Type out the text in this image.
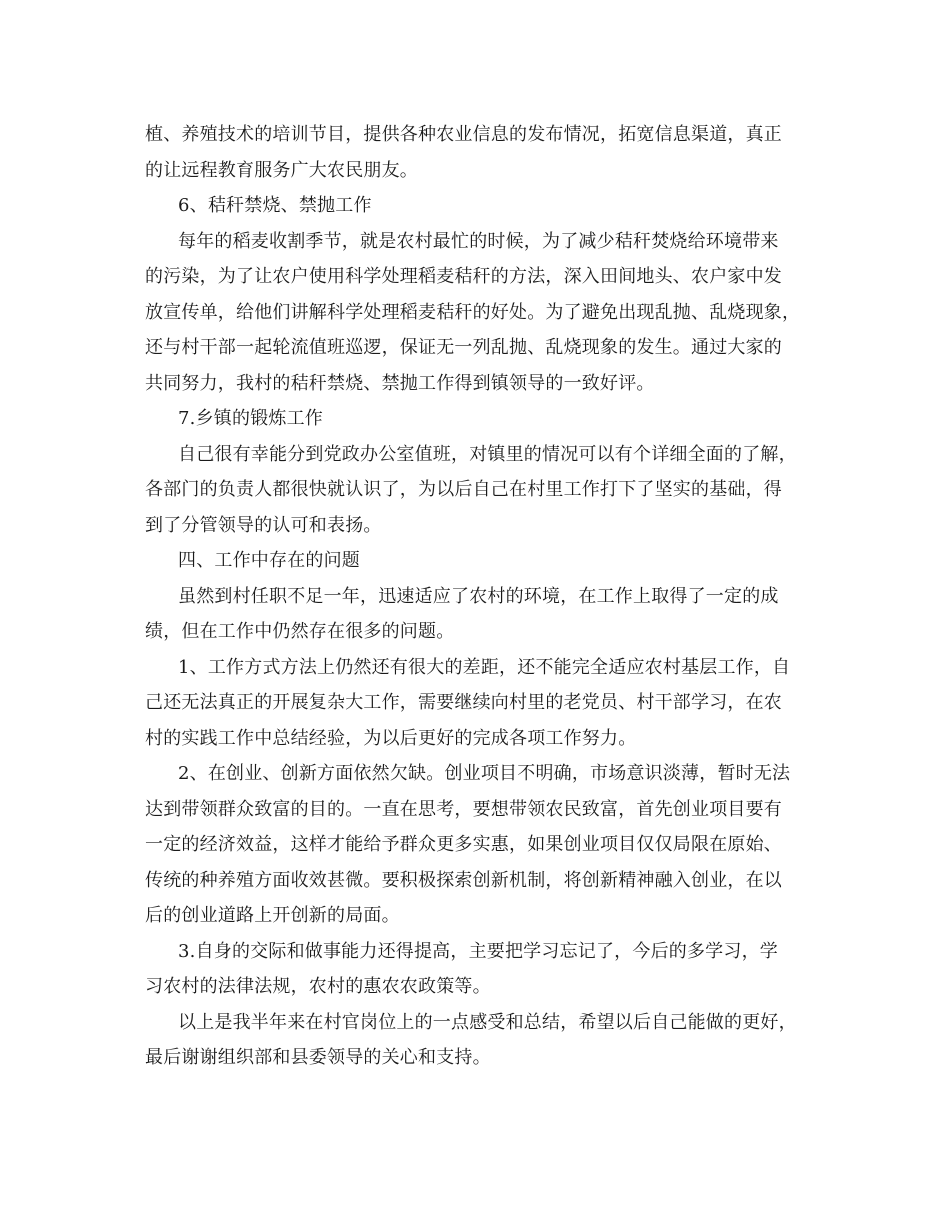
植、养殖技术的培训节目，提供各种农业信息的发布情况，拓宽信息渠道，真正
的让远程教育服务广大农民朋友。
6、秸秆禁烧、禁抛工作
每年的稻麦收割季节，就是农村最忙的时候，为了减少秸秆焚烧给环境带来
的污染，为了让农户使用科学处理稻麦秸秆的方法，深入田间地头、农户家中发
放宣传单，给他们讲解科学处理稻麦秸秆的好处。为了避免出现乱抛、乱烧现象，
还与村干部一起轮流值班巡逻，保证无一列乱抛、乱烧现象的发生。通过大家的
共同努力，我村的秸秆禁烧、禁抛工作得到镇领导的一致好评。
7.乡镇的锻炼工作
自己很有幸能分到党政办公室值班，对镇里的情况可以有个详细全面的了解，
各部门的负责人都很快就认识了，为以后自己在村里工作打下了坚实的基础，得
到了分管领导的认可和表扬。
四、工作中存在的问题
虽然到村任职不足一年，迅速适应了农村的环境，在工作上取得了一定的成
绩，但在工作中仍然存在很多的问题。
1、工作方式方法上仍然还有很大的差距，还不能完全适应农村基层工作，自
己还无法真正的开展复杂大工作，需要继续向村里的老党员、村干部学习，在农
村的实践工作中总结经验，为以后更好的完成各项工作努力。
2、在创业、创新方面依然欠缺。创业项目不明确，市场意识淡薄，暂时无法
达到带领群众致富的目的。一直在思考，要想带领农民致富，首先创业项目要有
一定的经济效益，这样才能给予群众更多实惠，如果创业项目仅仅局限在原始、
传统的种养殖方面收效甚微。要积极探索创新机制，将创新精神融入创业，在以
后的创业道路上开创新的局面。
3.自身的交际和做事能力还得提高，主要把学习忘记了，今后的多学习，学
习农村的法律法规，农村的惠农农政策等。
以上是我半年来在村官岗位上的一点感受和总结，希望以后自己能做的更好，
最后谢谢组织部和县委领导的关心和支持。
